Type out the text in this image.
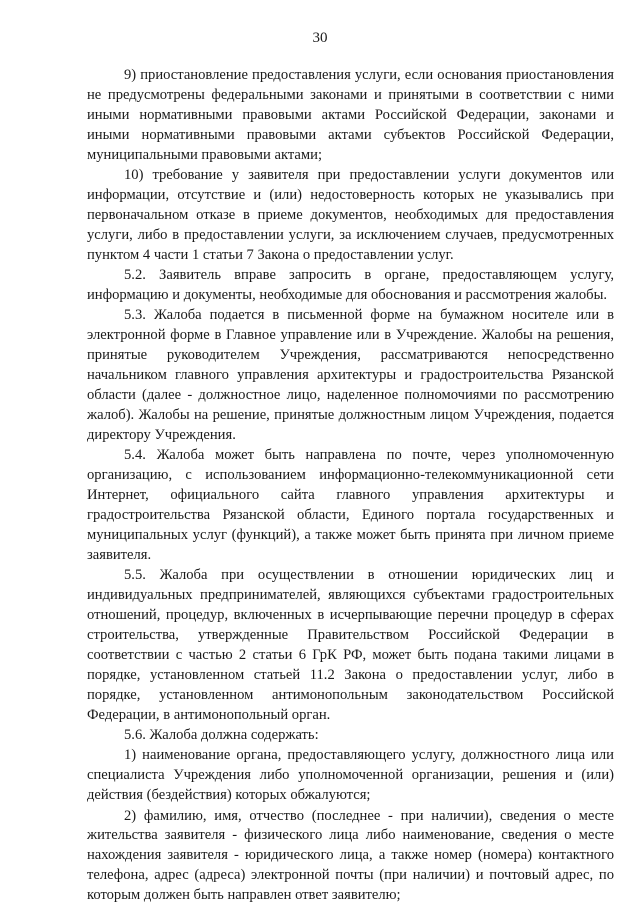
30

9) приостановление предоставления услуги, если основания приостановления не предусмотрены федеральными законами и принятыми в соответствии с ними иными нормативными правовыми актами Российской Федерации, законами и иными нормативными правовыми актами субъектов Российской Федерации, муниципальными правовыми актами;

10) требование у заявителя при предоставлении услуги документов или информации, отсутствие и (или) недостоверность которых не указывались при первоначальном отказе в приеме документов, необходимых для предоставления услуги, либо в предоставлении услуги, за исключением случаев, предусмотренных пунктом 4 части 1 статьи 7 Закона о предоставлении услуг.

5.2. Заявитель вправе запросить в органе, предоставляющем услугу, информацию и документы, необходимые для обоснования и рассмотрения жалобы.

5.3. Жалоба подается в письменной форме на бумажном носителе или в электронной форме в Главное управление или в Учреждение. Жалобы на решения, принятые руководителем Учреждения, рассматриваются непосредственно начальником главного управления архитектуры и градостроительства Рязанской области (далее - должностное лицо, наделенное полномочиями по рассмотрению жалоб). Жалобы на решение, принятые должностным лицом Учреждения, подается директору Учреждения.

5.4. Жалоба может быть направлена по почте, через уполномоченную организацию, с использованием информационно-телекоммуникационной сети Интернет, официального сайта главного управления архитектуры и градостроительства Рязанской области, Единого портала государственных и муниципальных услуг (функций), а также может быть принята при личном приеме заявителя.

5.5. Жалоба при осуществлении в отношении юридических лиц и индивидуальных предпринимателей, являющихся субъектами градостроительных отношений, процедур, включенных в исчерпывающие перечни процедур в сферах строительства, утвержденные Правительством Российской Федерации в соответствии с частью 2 статьи 6 ГрК РФ, может быть подана такими лицами в порядке, установленном статьей 11.2 Закона о предоставлении услуг, либо в порядке, установленном антимонопольным законодательством Российской Федерации, в антимонопольный орган.

5.6. Жалоба должна содержать:

1) наименование органа, предоставляющего услугу, должностного лица или специалиста Учреждения либо уполномоченной организации, решения и (или) действия (бездействия) которых обжалуются;

2) фамилию, имя, отчество (последнее - при наличии), сведения о месте жительства заявителя - физического лица либо наименование, сведения о месте нахождения заявителя - юридического лица, а также номер (номера) контактного телефона, адрес (адреса) электронной почты (при наличии) и почтовый адрес, по которым должен быть направлен ответ заявителю;
